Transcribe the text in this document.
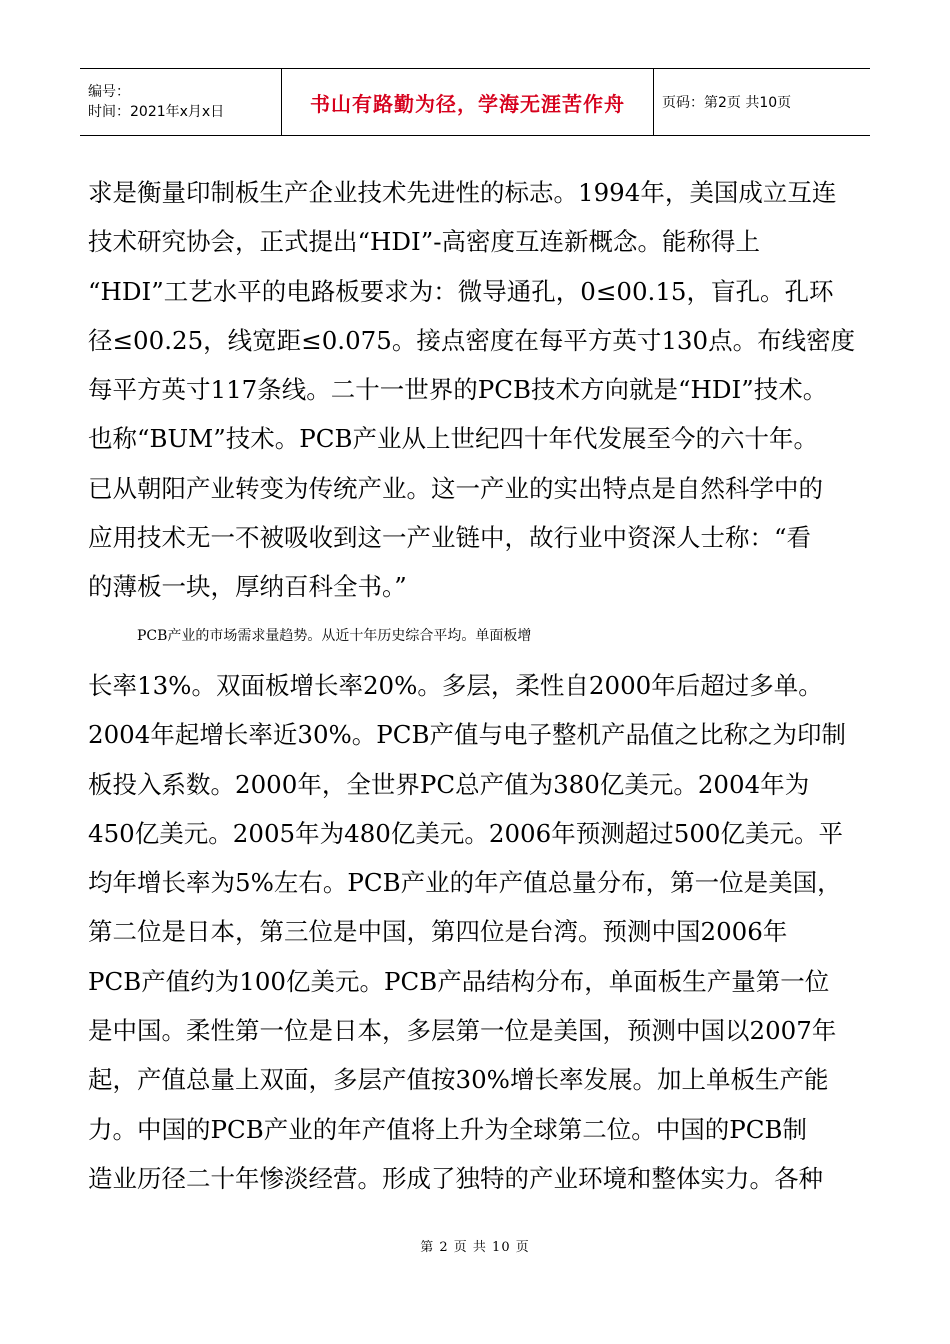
编号：
时间：2021年x月x日	书山有路勤为径，学海无涯苦作舟	页码：第2页 共10页
求是衡量印制板生产企业技术先进性的标志。1994年，美国成立互连
技术研究协会，正式提出“HDI”-高密度互连新概念。能称得上
“HDI”工艺水平的电路板要求为：微导通孔，0≤00.15，盲孔。孔环
径≤00.25，线宽距≤0.075。接点密度在每平方英寸130点。布线密度
每平方英寸117条线。二十一世界的PCB技术方向就是“HDI”技术。
也称“BUM”技术。PCB产业从上世纪四十年代发展至今的六十年。
已从朝阳产业转变为传统产业。这一产业的实出特点是自然科学中的
应用技术无一不被吸收到这一产业链中，故行业中资深人士称：“看
的薄板一块，厚纳百科全书。”
PCB产业的市场需求量趋势。从近十年历史综合平均。单面板增
长率13%。双面板增长率20%。多层，柔性自2000年后超过多单。
2004年起增长率近30%。PCB产值与电子整机产品值之比称之为印制
板投入系数。2000年，全世界PC总产值为380亿美元。2004年为
450亿美元。2005年为480亿美元。2006年预测超过500亿美元。平
均年增长率为5%左右。PCB产业的年产值总量分布，第一位是美国，
第二位是日本，第三位是中国，第四位是台湾。预测中国2006年
PCB产值约为100亿美元。PCB产品结构分布，单面板生产量第一位
是中国。柔性第一位是日本，多层第一位是美国，预测中国以2007年
起，产值总量上双面，多层产值按30%增长率发展。加上单板生产能
力。中国的PCB产业的年产值将上升为全球第二位。中国的PCB制
造业历径二十年惨淡经营。形成了独特的产业环境和整体实力。各种
第 2 页 共 10 页
